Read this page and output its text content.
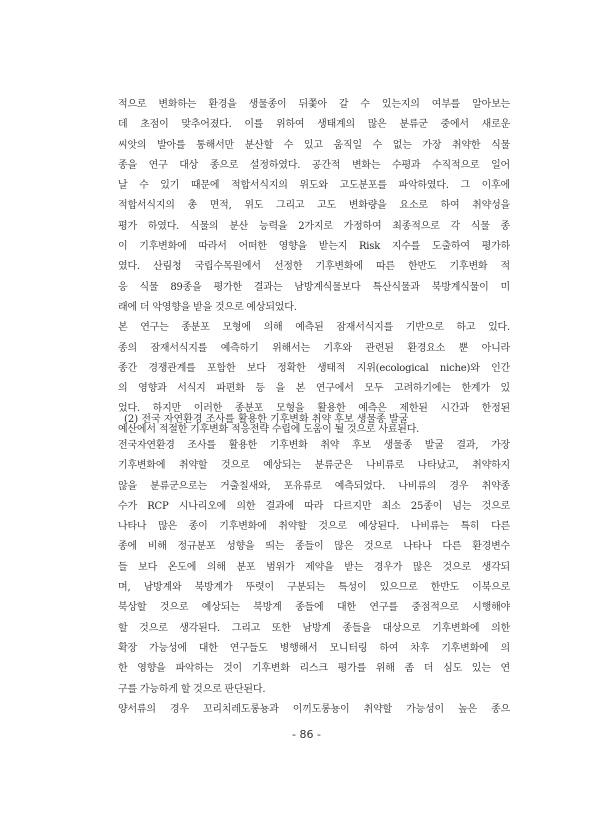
적으로 변화하는 환경을 생물종이 뒤쫓아 갈 수 있는지의 여부를 알아보는
데 초점이 맞추어졌다. 이를 위하여 생태계의 많은 분류군 중에서 새로운
씨앗의 발아를 통해서만 분산할 수 있고 움직일 수 없는 가장 취약한 식물
종을 연구 대상 종으로 설정하였다. 공간적 변화는 수평과 수직적으로 일어
날 수 있기 때문에 적합서식지의 위도와 고도분포를 파악하였다. 그 이후에
적합서식지의 총 면적, 위도 그리고 고도 변화량을 요소로 하여 취약성을
평가 하였다. 식물의 분산 능력을 2가지로 가정하여 최종적으로 각 식물 종
이 기후변화에 따라서 어떠한 영향을 받는지 Risk 지수를 도출하여 평가하
였다. 산림청 국립수목원에서 선정한 기후변화에 따른 한반도 기후변화 적
응 식물 89종을 평가한 결과는 남방계식물보다 특산식물과 북방계식물이 미
래에 더 악영향을 받을 것으로 예상되었다.
본 연구는 종분포 모형에 의해 예측된 잠재서식지를 기반으로 하고 있다.
종의 잠재서식지를 예측하기 위해서는 기후와 관련된 환경요소 뿐 아니라
종간 경쟁관계를 포함한 보다 정확한 생태적 지위(ecological niche)와 인간
의 영향과 서식지 파편화 등 을 본 연구에서 모두 고려하기에는 한계가 있
었다. 하지만 이러한 종분포 모형을 활용한 예측은 제한된 시간과 한정된
예산에서 적절한 기후변화 적응전략 수립에 도움이 될 것으로 사료된다.
(2) 전국 자연환경 조사를 활용한 기후변화 취약 후보 생물종 발굴
전국자연환경 조사를 활용한 기후변화 취약 후보 생물종 발굴 결과, 가장
기후변화에 취약할 것으로 예상되는 분류군은 나비류로 나타났고, 취약하지
않을 분류군으로는 거출칠새와, 포유류로 예측되었다. 나비류의 경우 취약종
수가 RCP 시나리오에 의한 결과에 따라 다르지만 최소 25종이 넘는 것으로
나타나 많은 종이 기후변화에 취약할 것으로 예상된다. 나비류는 특히 다른
종에 비해 정규분포 성향을 띄는 종들이 많은 것으로 나타나 다른 환경변수
들 보다 온도에 의해 분포 범위가 제약을 받는 경우가 많은 것으로 생각되
며, 남방계와 북방계가 뚜렷이 구분되는 특성이 있으므로 한반도 이북으로
북상할 것으로 예상되는 북방계 종들에 대한 연구를 중점적으로 시행해야
할 것으로 생각된다. 그리고 또한 남방계 종들을 대상으로 기후변화에 의한
확장 가능성에 대한 연구들도 병행해서 모니터링 하여 차후 기후변화에 의
한 영향을 파악하는 것이 기후변화 리스크 평가를 위해 좀 더 심도 있는 연
구를 가능하게 할 것으로 판단된다.
양서류의 경우 꼬리치레도롱뇽과 이끼도롱뇽이 취약할 가능성이 높은 종으
- 86 -
